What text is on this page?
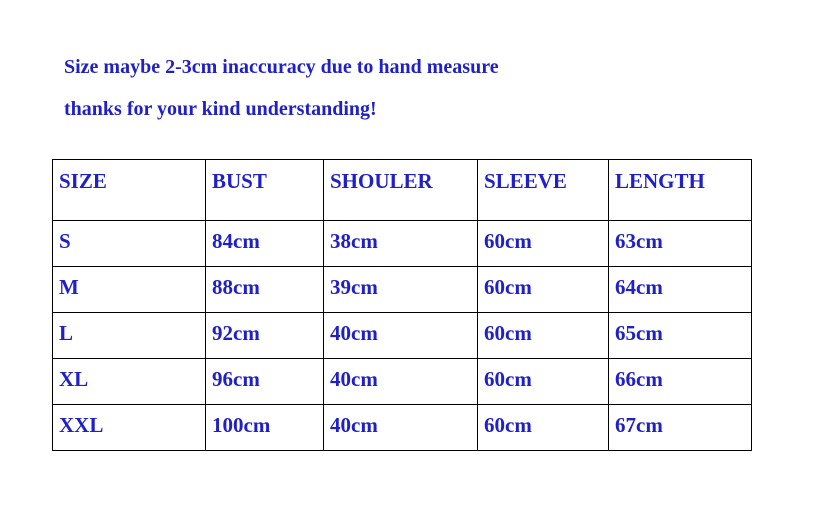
Size maybe 2-3cm inaccuracy due to hand measure

thanks for your kind understanding!

SIZE	BUST	SHOULER	SLEEVE	LENGTH
S	84cm	38cm	60cm	63cm
M	88cm	39cm	60cm	64cm
L	92cm	40cm	60cm	65cm
XL	96cm	40cm	60cm	66cm
XXL	100cm	40cm	60cm	67cm
